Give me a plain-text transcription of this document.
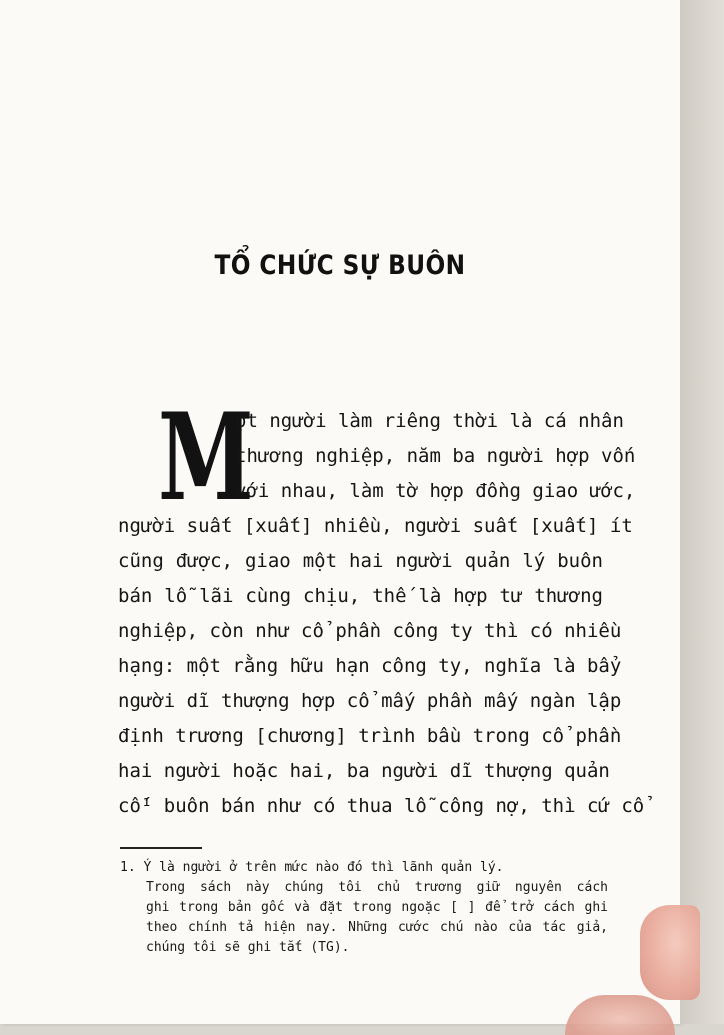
TỔ CHỨC SỰ BUÔN
M
ột người làm riêng thời là cá nhân
thương nghiệp, năm ba người hợp vốn
với nhau, làm tờ hợp đồng giao ước,
người suất [xuất] nhiều, người suất [xuất] ít
cũng được, giao một hai người quản lý buôn
bán lỗ lãi cùng chịu, thế là hợp tư thương
nghiệp, còn như cổ phần công ty thì có nhiều
hạng: một rằng hữu hạn công ty, nghĩa là bẩy
người dĩ thượng hợp cổ mấy phần mấy ngàn lập
định trương [chương] trình bầu trong cổ phần
hai người hoặc hai, ba người dĩ thượng quản
cố¹ buôn bán như có thua lỗ công nợ, thì cứ cổ
1. Ý là người ở trên mức nào đó thì lãnh quản lý.
Trong sách này chúng tôi chủ trương giữ nguyên cách
ghi trong bản gốc và đặt trong ngoặc [ ] để trở cách ghi
theo chính tả hiện nay. Những cước chú nào của tác giả,
chúng tôi sẽ ghi tắt (TG).
